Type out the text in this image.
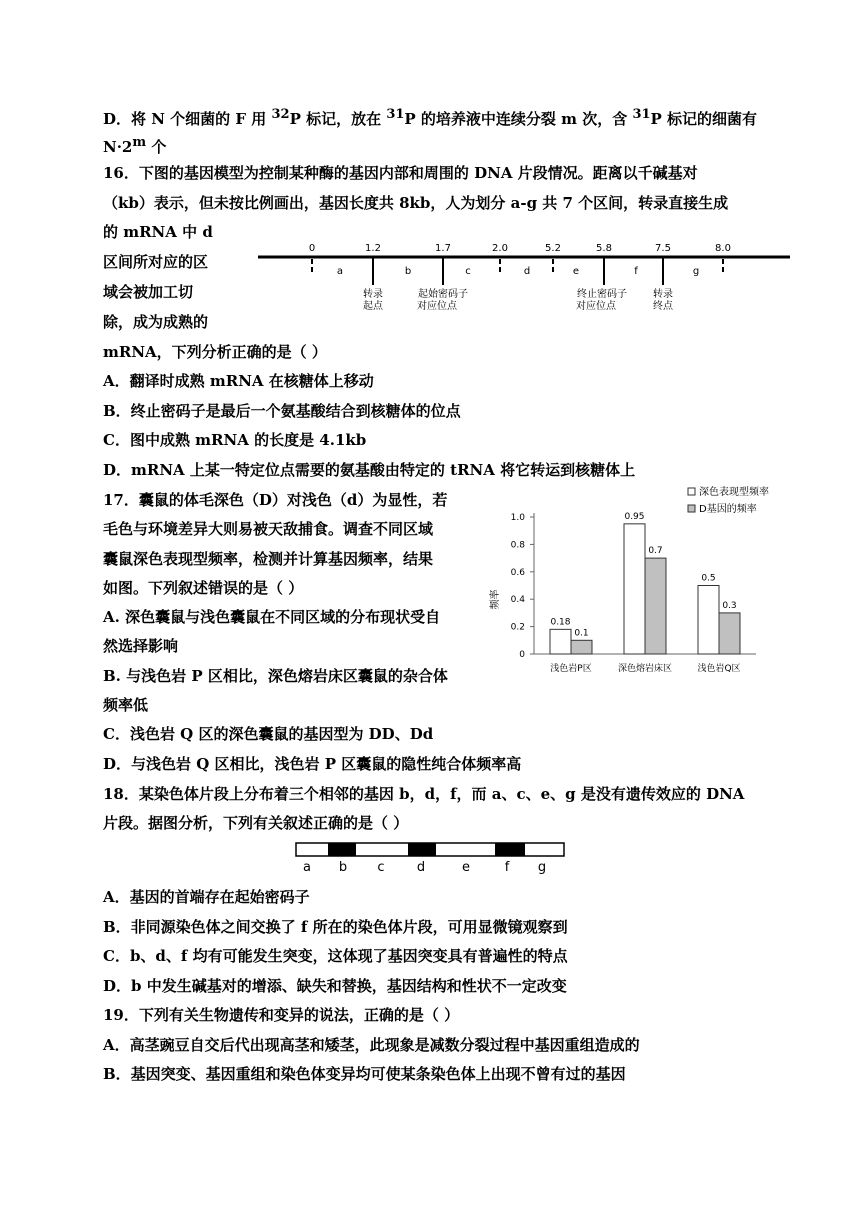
D．将 N 个细菌的 F 用 $^{32}$P 标记，放在 $^{31}$P 的培养液中连续分裂 m 次，含 $^{31}$P 标记的细菌有
$N\cdot 2^m$ 个
16．下图的基因模型为控制某种酶的基因内部和周围的 DNA 片段情况。距离以千碱基对
（kb）表示，但未按比例画出，基因长度共 8kb，人为划分 a-g 共 7 个区间，转录直接生成
的 mRNA 中 d
区间所对应的区
域会被加工切
除，成为成熟的
mRNA，下列分析正确的是（ ）
0	1.2	1.7	2.0	5.2	5.8	7.5	8.0
a	b	c	d	e	f	g
转录
起点
起始密码子
对应位点
终止密码子
对应位点
转录
终点
A．翻译时成熟 mRNA 在核糖体上移动
B．终止密码子是最后一个氨基酸结合到核糖体的位点
C．图中成熟 mRNA 的长度是 4.1kb
D．mRNA 上某一特定位点需要的氨基酸由特定的 tRNA 将它转运到核糖体上
17．囊鼠的体毛深色（D）对浅色（d）为显性，若
毛色与环境差异大则易被天敌捕食。调查不同区域
囊鼠深色表现型频率，检测并计算基因频率，结果
如图。下列叙述错误的是（ ）
A. 深色囊鼠与浅色囊鼠在不同区域的分布现状受自
然选择影响
B. 与浅色岩 P 区相比，深色熔岩床区囊鼠的杂合体
频率低
C．浅色岩 Q 区的深色囊鼠的基因型为 DD、Dd
D．与浅色岩 Q 区相比，浅色岩 P 区囊鼠的隐性纯合体频率高
0
0.2
0.4
0.6
0.8
1.0
频率
浅色岩P区
0.18
0.1
深色熔岩床区
0.95
0.7
浅色岩Q区
0.5
0.3
深色表现型频率
D基因的频率
18．某染色体片段上分布着三个相邻的基因 b，d，f，而 a、c、e、g 是没有遗传效应的 DNA
片段。据图分析，下列有关叙述正确的是（ ）
a b c d	e	f g
A．基因的首端存在起始密码子
B．非同源染色体之间交换了 f 所在的染色体片段，可用显微镜观察到
C．b、d、f 均有可能发生突变，这体现了基因突变具有普遍性的特点
D．b 中发生碱基对的增添、缺失和替换，基因结构和性状不一定改变
19．下列有关生物遗传和变异的说法，正确的是（ ）
A．高茎豌豆自交后代出现高茎和矮茎，此现象是减数分裂过程中基因重组造成的
B．基因突变、基因重组和染色体变异均可使某条染色体上出现不曾有过的基因
